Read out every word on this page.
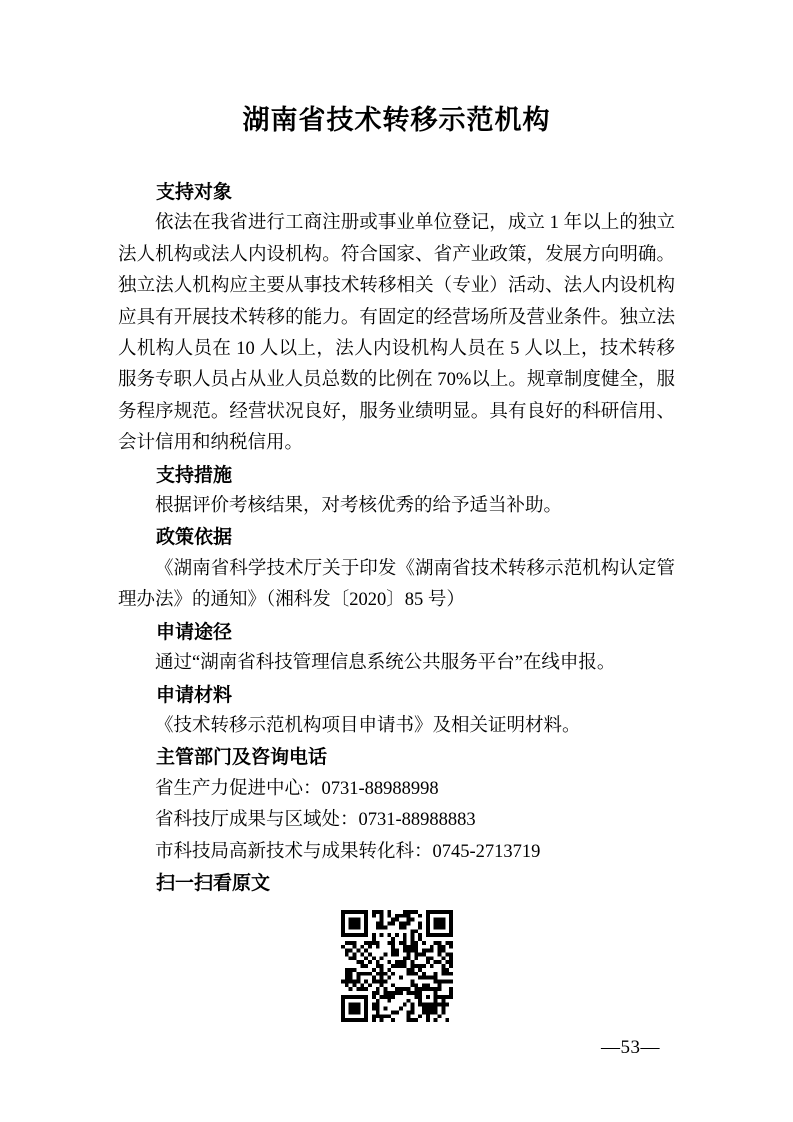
湖南省技术转移示范机构
支持对象

依法在我省进行工商注册或事业单位登记，成立 1 年以上的独立法人机构或法人内设机构。符合国家、省产业政策，发展方向明确。独立法人机构应主要从事技术转移相关（专业）活动、法人内设机构应具有开展技术转移的能力。有固定的经营场所及营业条件。独立法人机构人员在 10 人以上，法人内设机构人员在 5 人以上，技术转移服务专职人员占从业人员总数的比例在 70%以上。规章制度健全，服务程序规范。经营状况良好，服务业绩明显。具有良好的科研信用、会计信用和纳税信用。

支持措施

根据评价考核结果，对考核优秀的给予适当补助。

政策依据

《湖南省科学技术厅关于印发《湖南省技术转移示范机构认定管理办法》的通知》（湘科发〔2020〕85 号）

申请途径

通过“湖南省科技管理信息系统公共服务平台”在线申报。

申请材料

《技术转移示范机构项目申请书》及相关证明材料。

主管部门及咨询电话

省生产力促进中心：0731-88988998

省科技厅成果与区域处：0731-88988883

市科技局高新技术与成果转化科：0745-2713719

扫一扫看原文
—53—
